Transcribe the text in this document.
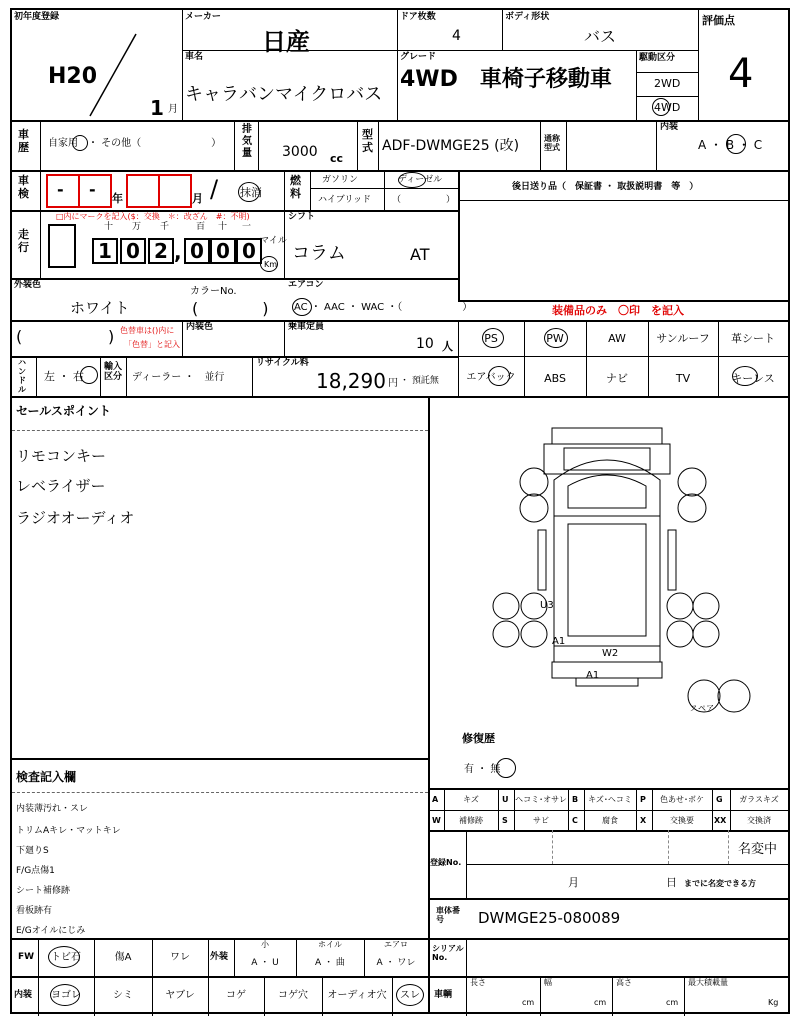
初年度登録
H20
1 月
メーカー
日産
ドア枚数
4
ボディ形状
バス
評価点
4
車名
キャラバンマイクロバス
グレード
4WD　車椅子移動車
駆動区分
2WD
4WD
車歴	自家用　・ その他（　　　　　　　）
排気量 3000 cc
型式 ADF-DWMGE25 (改)	通称型式
内装
A ・ B ・ C
車検	- - 年	月 / 抹消
燃料
ガソリン	ディーゼル
ハイブリッド （　　　　　）
後日送り品（　保証書 ・ 取扱説明書　等　）
走行
□内にマークを記入($：交換　＊：改ざん　#：不明)
十 万 千	百 十 一
1 0 2 , 0 0 0 マイル
Km
シフト
コラム	AT
外装色
ホワイト
カラーNo.
(　　　　)
エアコン
AC ・ AAC ・ WAC ・（　　　　　　）	装備品のみ　〇印　を記入
(	) 色替車は()内に
「色替」と記入
内装色	乗車定員
10 人
PS	PW	AW	サンルーフ	革シート
ハンドル
左 ・ 右
輸入区分 ディーラー ・　並行
リサイクル料
18,290 円 ・ 預託無	エアバック	ABS	ナビ	TV	キーレス
セールスポイント
リモコンキー
レベライザー
ラジオオーディオ
U3
A1
W2
A1
スペア
修復歴
有 ・ 無
検査記入欄
内装薄汚れ・スレ
トリムAキレ・マットキレ
下廻りS
F/G点傷1
シート補修跡
看板跡有
E/Gオイルにじみ
A	キズ	U ヘコミ･オサレ B	キズ･ヘコミ	P	色あせ･ボケ	G	ガラスキズ
W	補修跡	S	サビ	C	腐食	X	交換要	XX	交換済
登録No.
名変中
月	日 までに名変できる方
車体番号	DWMGE25-080089
FW	トビ石	傷A	ワレ	外装
小
A ・ U
ホイル
A ・ 曲
エアロ
A ・ ワレ
シリアルNo.
内装	ヨゴレ	シミ	ヤブレ	コゲ	コゲ穴	オーディオ穴	スレ	車輌
長さ
cm
幅
cm
高さ
cm
最大積載量
Kg
